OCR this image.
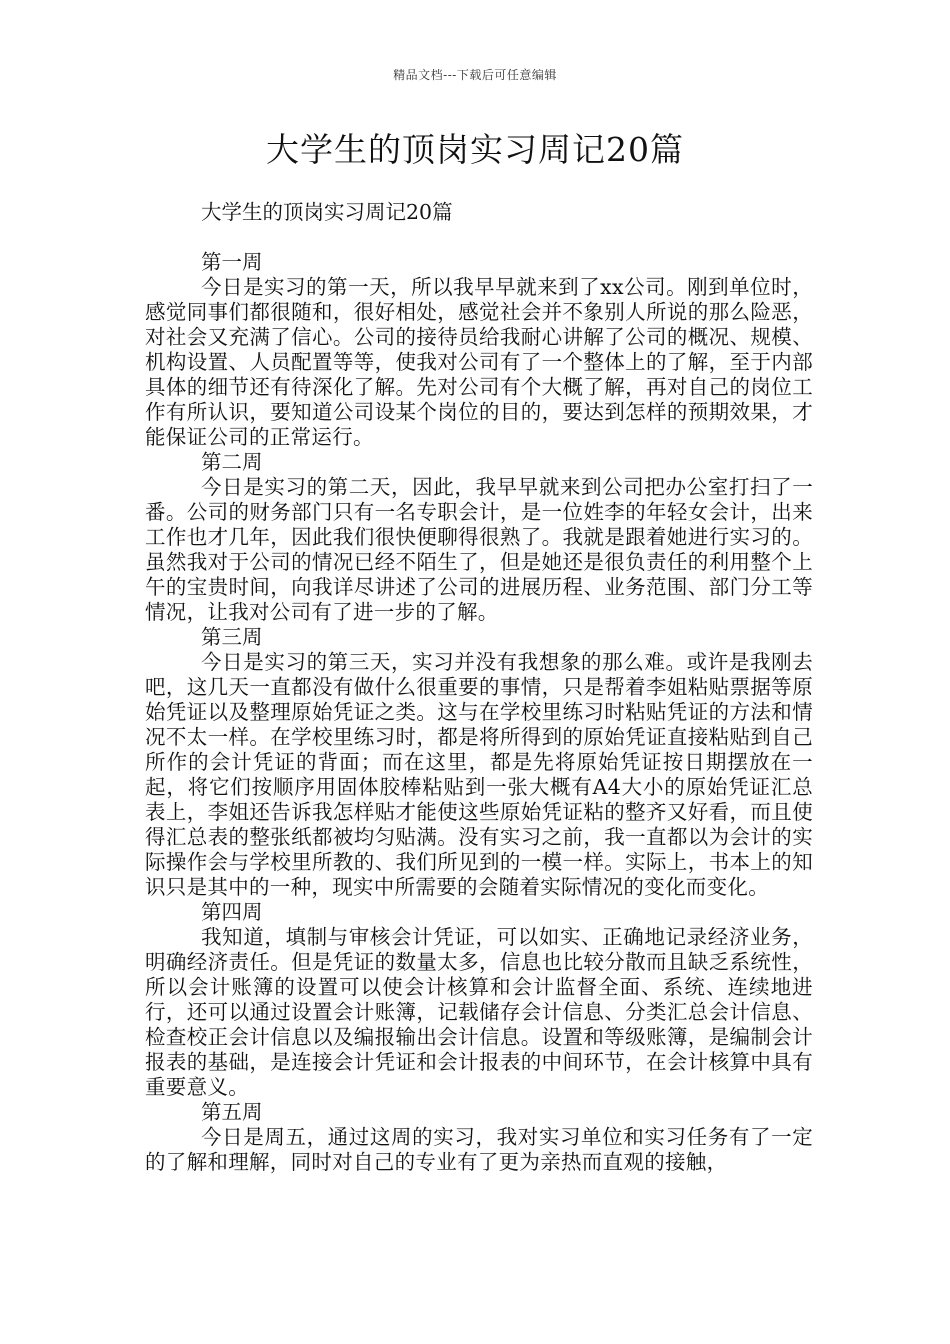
精品文档---下载后可任意编辑
大学生的顶岗实习周记20篇

大学生的顶岗实习周记20篇

第一周

今日是实习的第一天，所以我早早就来到了xx公司。刚到单位时，感觉同事们都很随和，很好相处，感觉社会并不象别人所说的那么险恶，对社会又充满了信心。公司的接待员给我耐心讲解了公司的概况、规模、机构设置、人员配置等等，使我对公司有了一个整体上的了解，至于内部具体的细节还有待深化了解。先对公司有个大概了解，再对自己的岗位工作有所认识，要知道公司设某个岗位的目的，要达到怎样的预期效果，才能保证公司的正常运行。

第二周

今日是实习的第二天，因此，我早早就来到公司把办公室打扫了一番。公司的财务部门只有一名专职会计，是一位姓李的年轻女会计，出来工作也才几年，因此我们很快便聊得很熟了。我就是跟着她进行实习的。虽然我对于公司的情况已经不陌生了，但是她还是很负责任的利用整个上午的宝贵时间，向我详尽讲述了公司的进展历程、业务范围、部门分工等情况，让我对公司有了进一步的了解。

第三周

今日是实习的第三天，实习并没有我想象的那么难。或许是我刚去吧，这几天一直都没有做什么很重要的事情，只是帮着李姐粘贴票据等原始凭证以及整理原始凭证之类。这与在学校里练习时粘贴凭证的方法和情况不太一样。在学校里练习时，都是将所得到的原始凭证直接粘贴到自己所作的会计凭证的背面；而在这里，都是先将原始凭证按日期摆放在一起，将它们按顺序用固体胶棒粘贴到一张大概有A4大小的原始凭证汇总表上，李姐还告诉我怎样贴才能使这些原始凭证粘的整齐又好看，而且使得汇总表的整张纸都被均匀贴满。没有实习之前，我一直都以为会计的实际操作会与学校里所教的、我们所见到的一模一样。实际上，书本上的知识只是其中的一种，现实中所需要的会随着实际情况的变化而变化。

第四周

我知道，填制与审核会计凭证，可以如实、正确地记录经济业务，明确经济责任。但是凭证的数量太多，信息也比较分散而且缺乏系统性，所以会计账簿的设置可以使会计核算和会计监督全面、系统、连续地进行，还可以通过设置会计账簿，记载储存会计信息、分类汇总会计信息、检查校正会计信息以及编报输出会计信息。设置和等级账簿，是编制会计报表的基础，是连接会计凭证和会计报表的中间环节，在会计核算中具有重要意义。

第五周

今日是周五，通过这周的实习，我对实习单位和实习任务有了一定的了解和理解，同时对自己的专业有了更为亲热而直观的接触，
